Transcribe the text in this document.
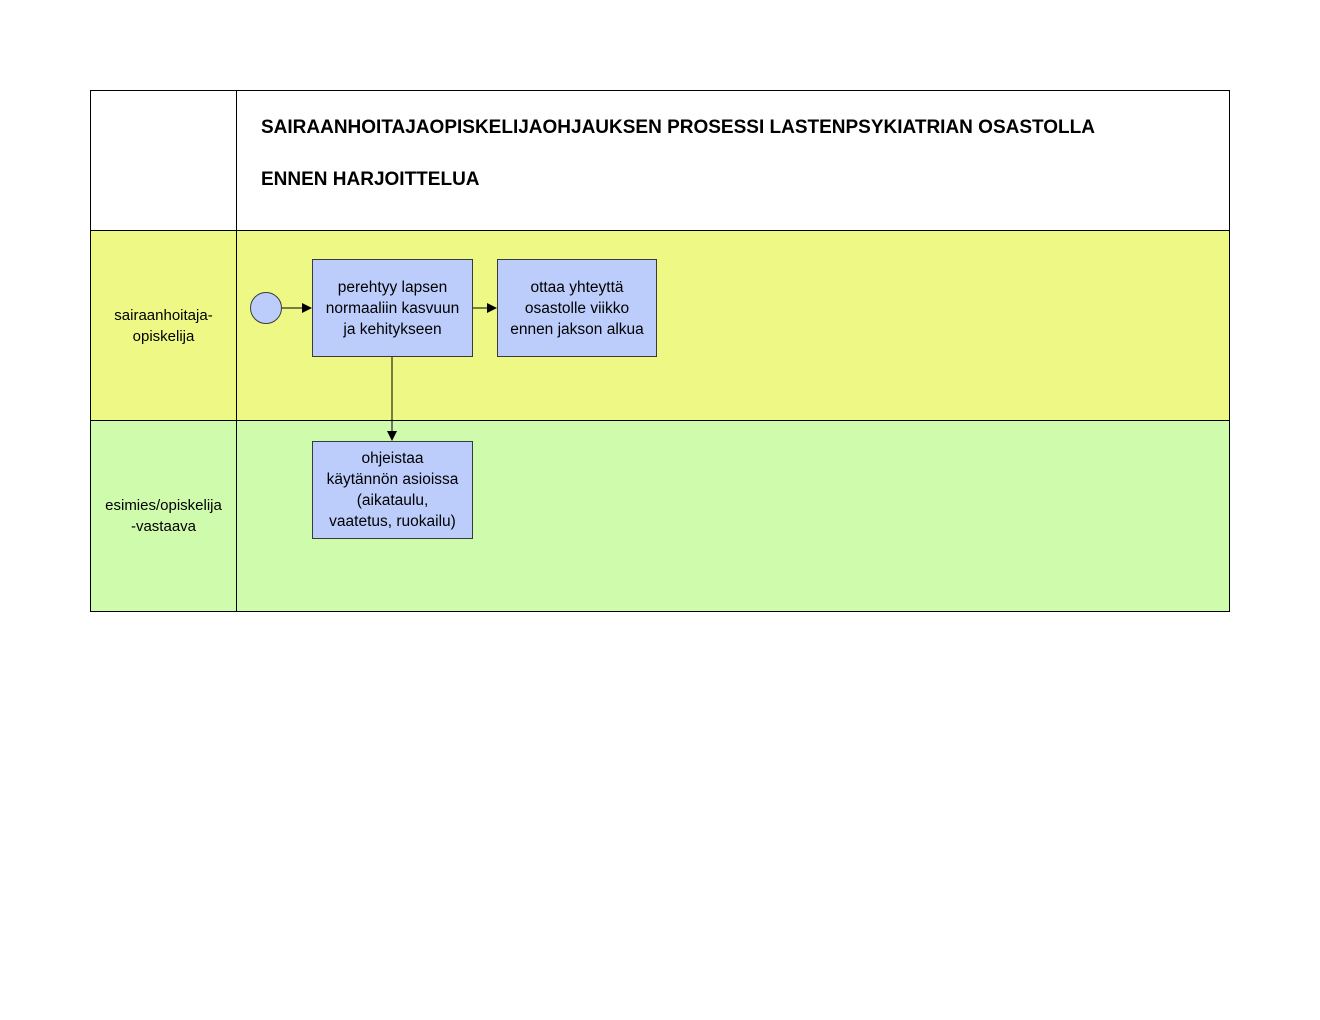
SAIRAANHOITAJAOPISKELIJAOHJAUKSEN PROSESSI LASTENPSYKIATRIAN OSASTOLLA
ENNEN HARJOITTELUA
sairaanhoitaja-
opiskelija
esimies/opiskelija
-vastaava
perehtyy lapsen
normaaliin kasvuun
ja kehitykseen
ottaa yhteyttä
osastolle viikko
ennen jakson alkua
ohjeistaa
käytännön asioissa
(aikataulu,
vaatetus, ruokailu)
